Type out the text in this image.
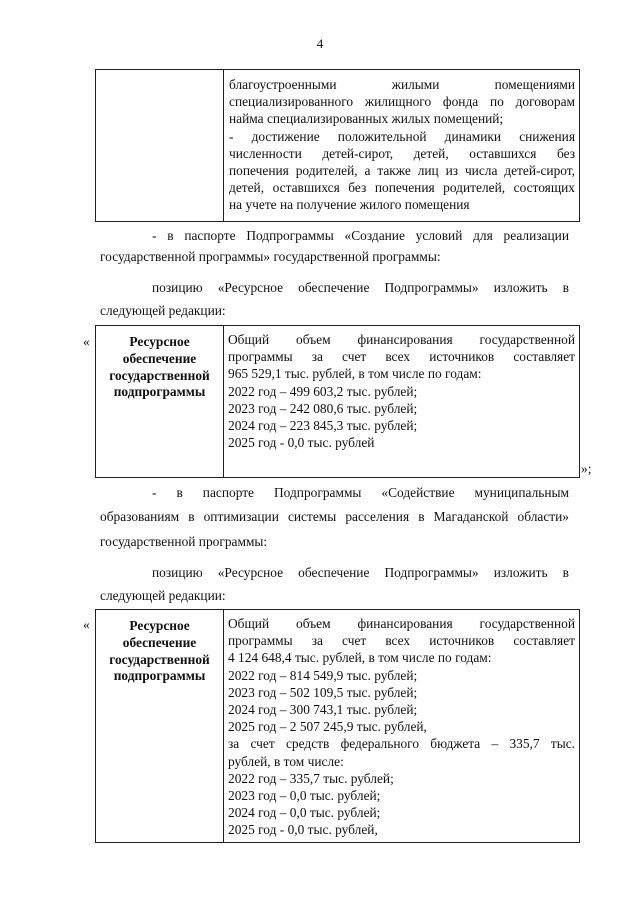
4

благоустроенными жилыми помещениями
специализированного жилищного фонда по договорам
найма специализированных жилых помещений;
- достижение положительной динамики снижения
численности детей-сирот, детей, оставшихся без
попечения родителей, а также лиц из числа детей-сирот,
детей, оставшихся без попечения родителей, состоящих
на учете на получение жилого помещения
- в паспорте Подпрограммы «Создание условий для реализации
государственной программы» государственной программы:
позицию «Ресурсное обеспечение Подпрограммы» изложить в
следующей редакции:
«	Ресурсное
обеспечение
государственной
подпрограммы

Общий объем финансирования государственной
программы за счет всех источников составляет
965 529,1 тыс. рублей, в том числе по годам:
2022 год – 499 603,2 тыс. рублей;
2023 год – 242 080,6 тыс. рублей;
2024 год – 223 845,3 тыс. рублей;
2025 год - 0,0 тыс. рублей
»;
- в паспорте Подпрограммы «Содействие муниципальным
образованиям в оптимизации системы расселения в Магаданской области»
государственной программы:
позицию «Ресурсное обеспечение Подпрограммы» изложить в
следующей редакции:
«	Ресурсное
обеспечение
государственной
подпрограммы

Общий объем финансирования государственной
программы за счет всех источников составляет
4 124 648,4 тыс. рублей, в том числе по годам:
2022 год – 814 549,9 тыс. рублей;
2023 год – 502 109,5 тыс. рублей;
2024 год – 300 743,1 тыс. рублей;
2025 год – 2 507 245,9 тыс. рублей,
за счет средств федерального бюджета – 335,7 тыс.
рублей, в том числе:
2022 год – 335,7 тыс. рублей;
2023 год – 0,0 тыс. рублей;
2024 год – 0,0 тыс. рублей;
2025 год - 0,0 тыс. рублей,
